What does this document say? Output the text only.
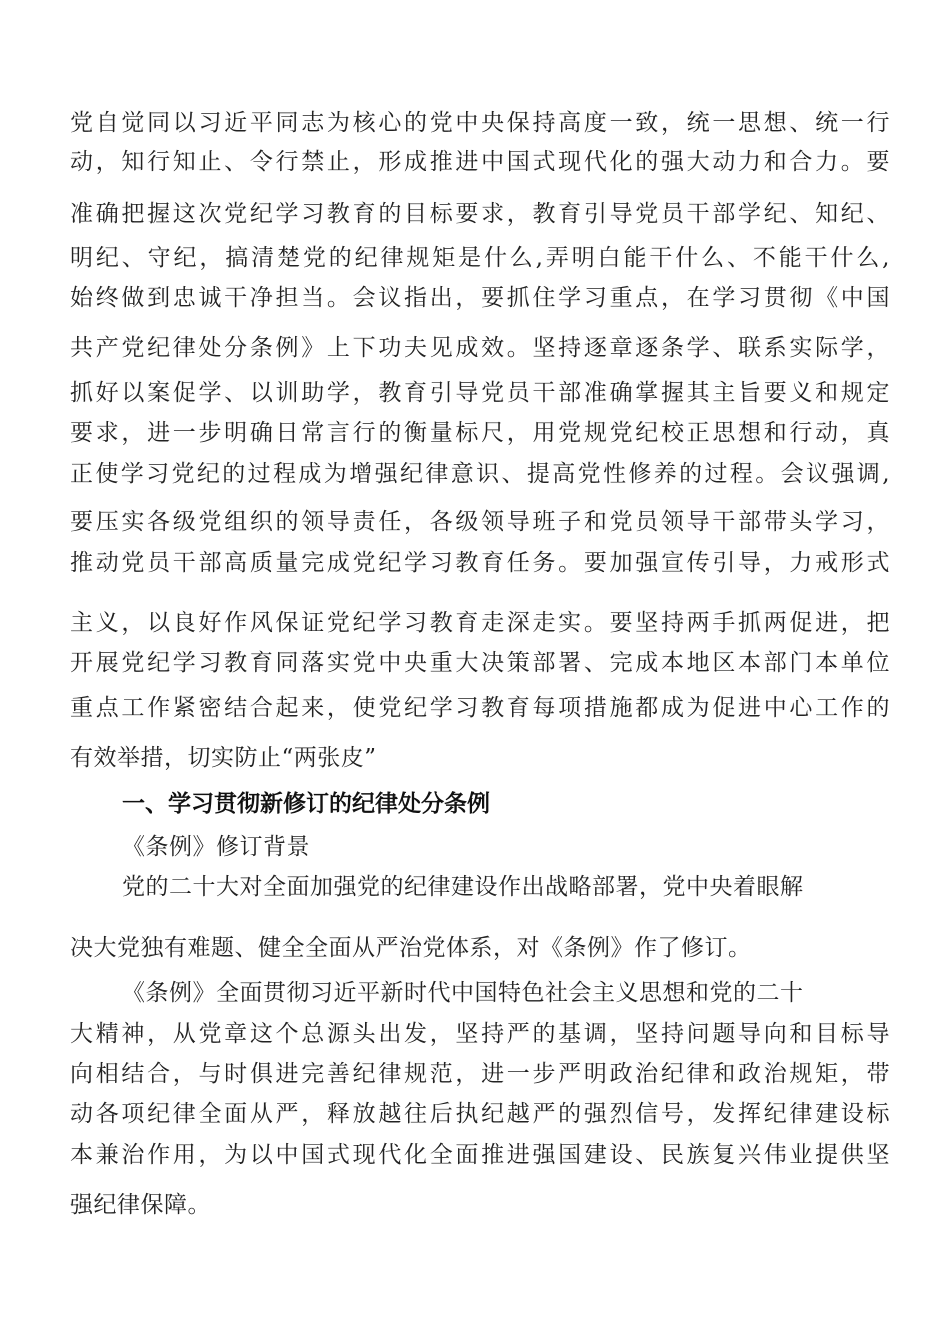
党自觉同以习近平同志为核心的党中央保持高度一致，统一思想、统一行
动，知行知止、令行禁止，形成推进中国式现代化的强大动力和合力。要
准确把握这次党纪学习教育的目标要求，教育引导党员干部学纪、知纪、
明纪、守纪，搞清楚党的纪律规矩是什么,弄明白能干什么、不能干什么,
始终做到忠诚干净担当。会议指出，要抓住学习重点，在学习贯彻《中国
共产党纪律处分条例》上下功夫见成效。坚持逐章逐条学、联系实际学，
抓好以案促学、以训助学，教育引导党员干部准确掌握其主旨要义和规定
要求，进一步明确日常言行的衡量标尺，用党规党纪校正思想和行动，真
正使学习党纪的过程成为增强纪律意识、提高党性修养的过程。会议强调,
要压实各级党组织的领导责任，各级领导班子和党员领导干部带头学习，
推动党员干部高质量完成党纪学习教育任务。要加强宣传引导，力戒形式
主义，以良好作风保证党纪学习教育走深走实。要坚持两手抓两促进，把
开展党纪学习教育同落实党中央重大决策部署、完成本地区本部门本单位
重点工作紧密结合起来，使党纪学习教育每项措施都成为促进中心工作的
有效举措，切实防止“两张皮”
一、学习贯彻新修订的纪律处分条例
《条例》修订背景
党的二十大对全面加强党的纪律建设作出战略部署，党中央着眼解
决大党独有难题、健全全面从严治党体系，对《条例》作了修订。
《条例》全面贯彻习近平新时代中国特色社会主义思想和党的二十
大精神，从党章这个总源头出发，坚持严的基调，坚持问题导向和目标导
向相结合，与时俱进完善纪律规范，进一步严明政治纪律和政治规矩，带
动各项纪律全面从严，释放越往后执纪越严的强烈信号，发挥纪律建设标
本兼治作用，为以中国式现代化全面推进强国建设、民族复兴伟业提供坚
强纪律保障。
